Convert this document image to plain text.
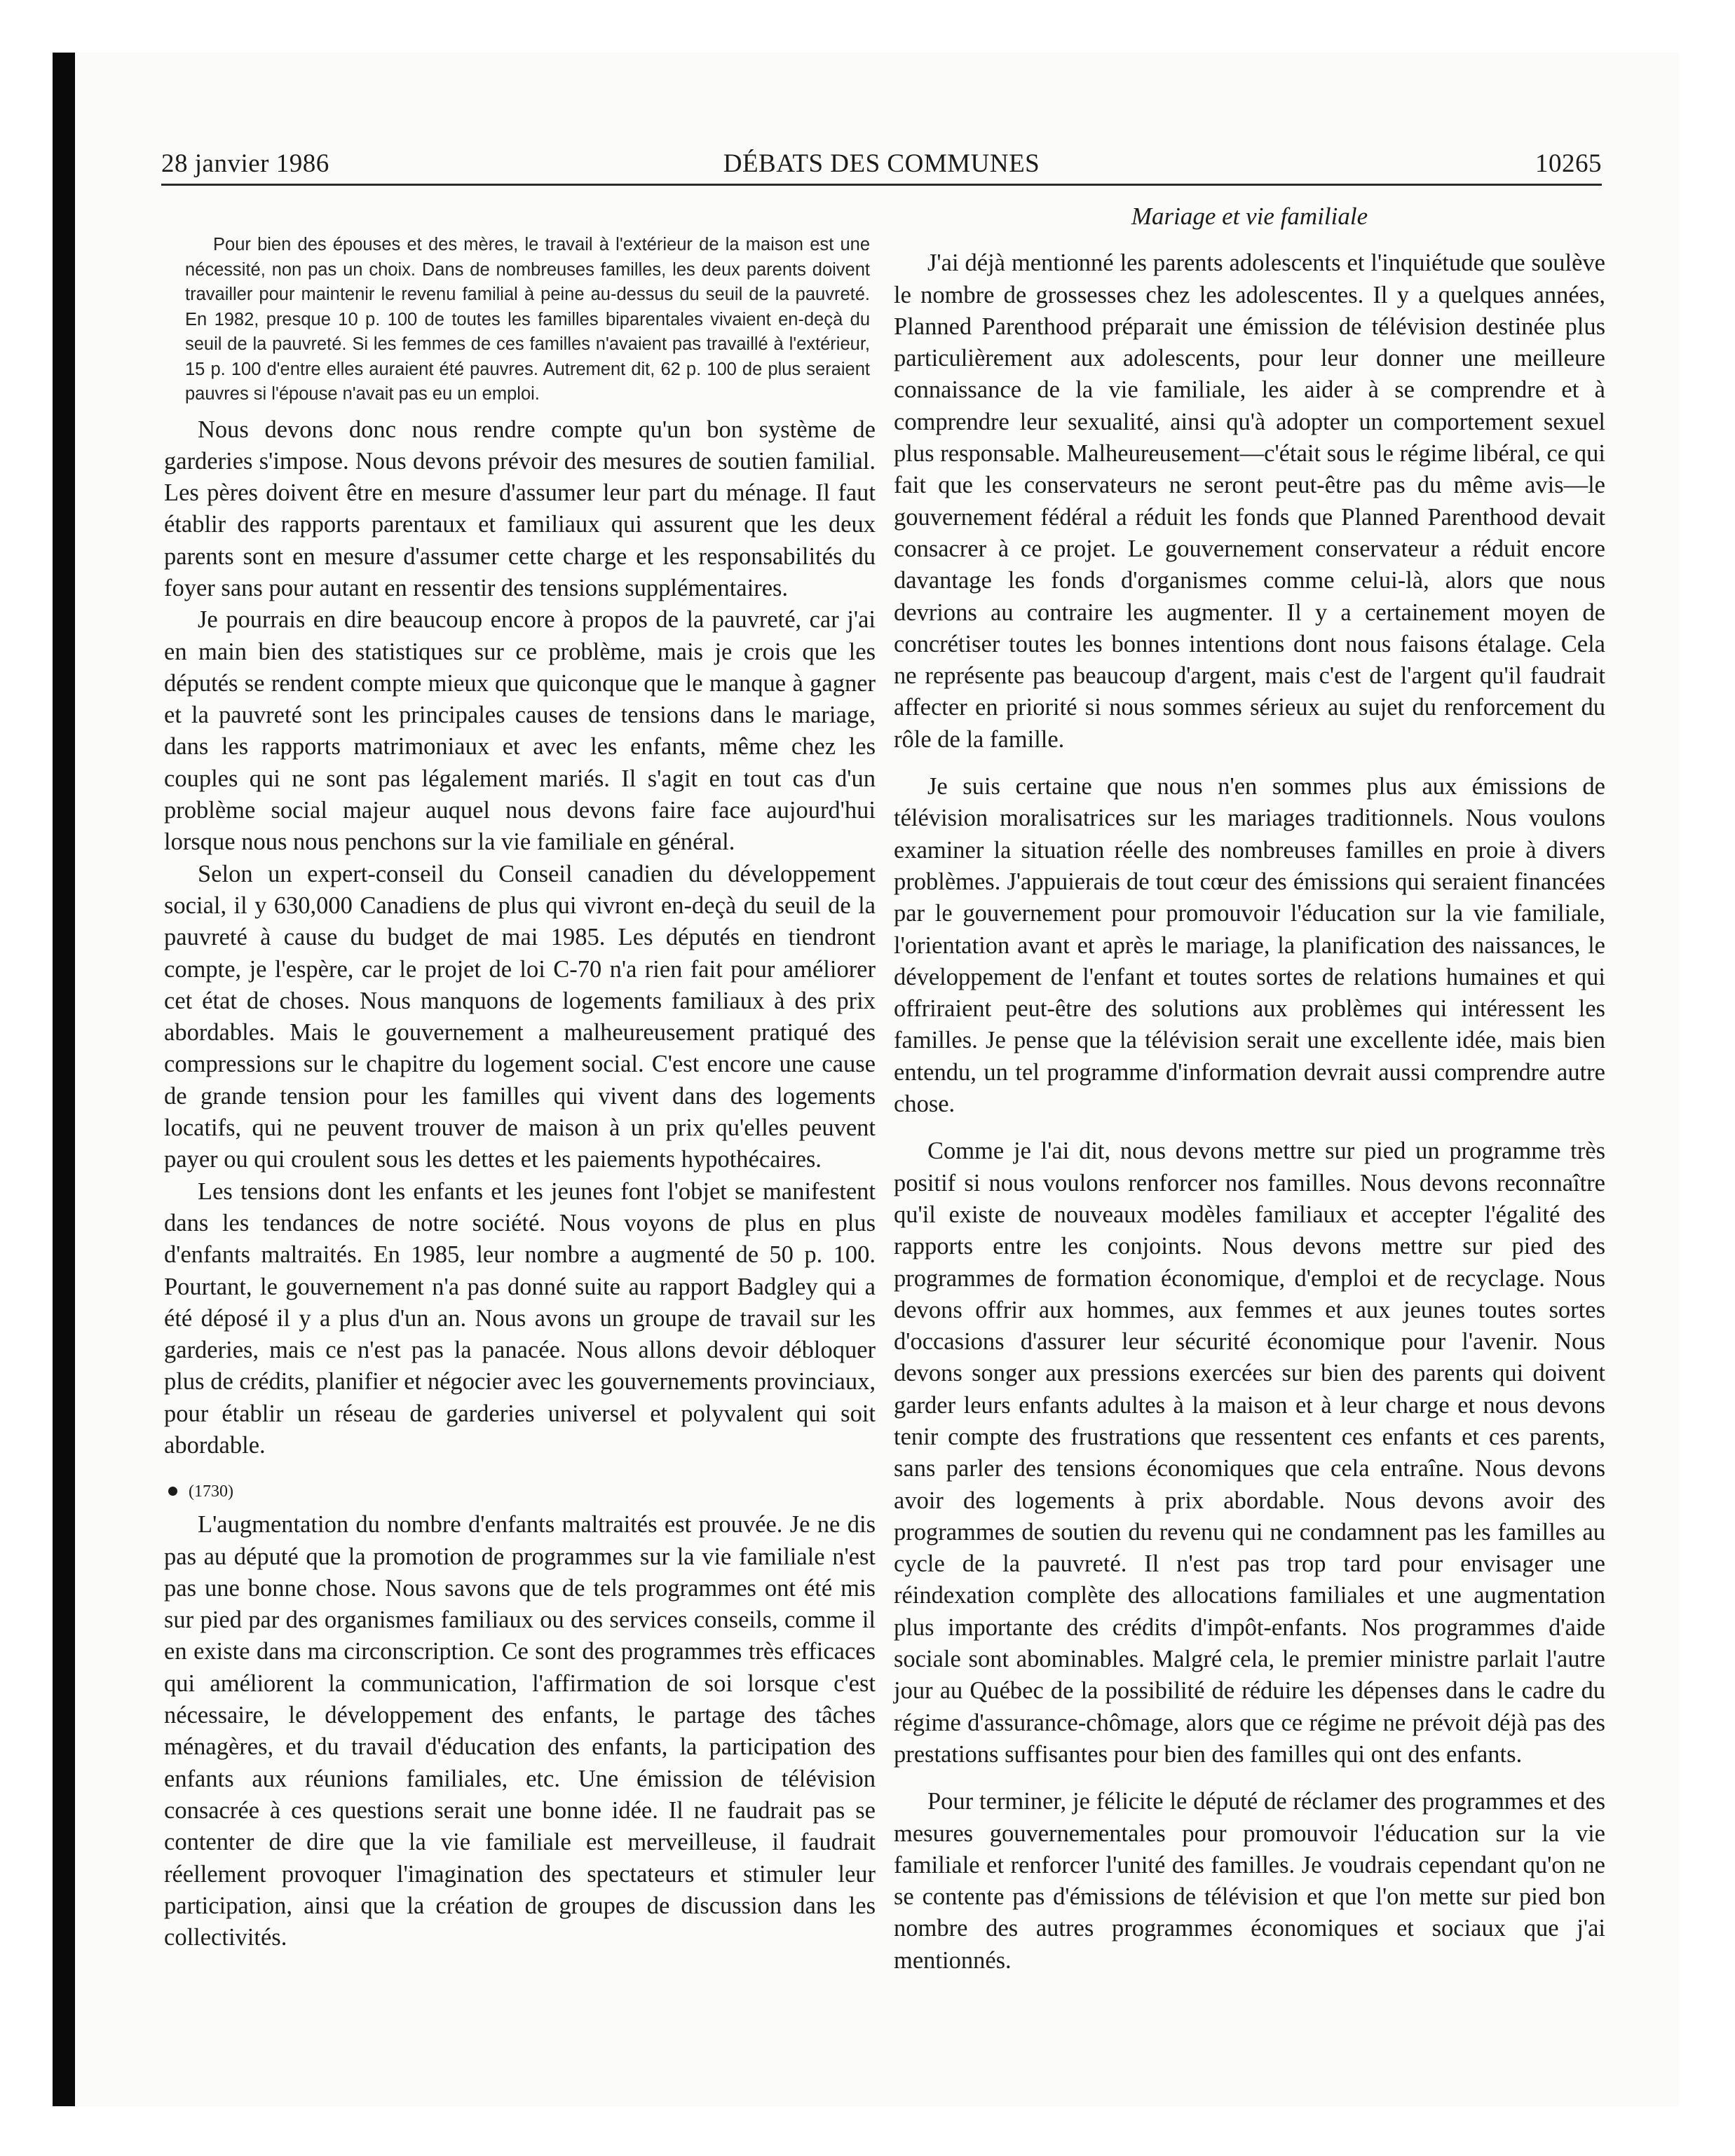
28 janvier 1986	DÉBATS DES COMMUNES	10265
Pour bien des épouses et des mères, le travail à l'extérieur de la maison est une nécessité, non pas un choix. Dans de nombreuses familles, les deux parents doivent travailler pour maintenir le revenu familial à peine au-dessus du seuil de la pauvreté. En 1982, presque 10 p. 100 de toutes les familles biparentales vivaient en-deçà du seuil de la pauvreté. Si les femmes de ces familles n'avaient pas travaillé à l'extérieur, 15 p. 100 d'entre elles auraient été pauvres. Autrement dit, 62 p. 100 de plus seraient pauvres si l'épouse n'avait pas eu un emploi.

Nous devons donc nous rendre compte qu'un bon système de garderies s'impose. Nous devons prévoir des mesures de soutien familial. Les pères doivent être en mesure d'assumer leur part du ménage. Il faut établir des rapports parentaux et familiaux qui assurent que les deux parents sont en mesure d'assumer cette charge et les responsabilités du foyer sans pour autant en ressentir des tensions supplémentaires.

Je pourrais en dire beaucoup encore à propos de la pauvreté, car j'ai en main bien des statistiques sur ce problème, mais je crois que les députés se rendent compte mieux que quiconque que le manque à gagner et la pauvreté sont les principales causes de tensions dans le mariage, dans les rapports matrimoniaux et avec les enfants, même chez les couples qui ne sont pas légalement mariés. Il s'agit en tout cas d'un problème social majeur auquel nous devons faire face aujourd'hui lorsque nous nous penchons sur la vie familiale en général.

Selon un expert-conseil du Conseil canadien du développement social, il y 630,000 Canadiens de plus qui vivront en-deçà du seuil de la pauvreté à cause du budget de mai 1985. Les députés en tiendront compte, je l'espère, car le projet de loi C-70 n'a rien fait pour améliorer cet état de choses. Nous manquons de logements familiaux à des prix abordables. Mais le gouvernement a malheureusement pratiqué des compressions sur le chapitre du logement social. C'est encore une cause de grande tension pour les familles qui vivent dans des logements locatifs, qui ne peuvent trouver de maison à un prix qu'elles peuvent payer ou qui croulent sous les dettes et les paiements hypothécaires.

Les tensions dont les enfants et les jeunes font l'objet se manifestent dans les tendances de notre société. Nous voyons de plus en plus d'enfants maltraités. En 1985, leur nombre a augmenté de 50 p. 100. Pourtant, le gouvernement n'a pas donné suite au rapport Badgley qui a été déposé il y a plus d'un an. Nous avons un groupe de travail sur les garderies, mais ce n'est pas la panacée. Nous allons devoir débloquer plus de crédits, planifier et négocier avec les gouvernements provinciaux, pour établir un réseau de garderies universel et polyvalent qui soit abordable.

(1730)

L'augmentation du nombre d'enfants maltraités est prouvée. Je ne dis pas au député que la promotion de programmes sur la vie familiale n'est pas une bonne chose. Nous savons que de tels programmes ont été mis sur pied par des organismes familiaux ou des services conseils, comme il en existe dans ma circonscription. Ce sont des programmes très efficaces qui améliorent la communication, l'affirmation de soi lorsque c'est nécessaire, le développement des enfants, le partage des tâches ménagères, et du travail d'éducation des enfants, la participation des enfants aux réunions familiales, etc. Une émission de télévision consacrée à ces questions serait une bonne idée. Il ne faudrait pas se contenter de dire que la vie familiale est merveilleuse, il faudrait réellement provoquer l'imagination des spectateurs et stimuler leur participation, ainsi que la création de groupes de discussion dans les collectivités.

Mariage et vie familiale

J'ai déjà mentionné les parents adolescents et l'inquiétude que soulève le nombre de grossesses chez les adolescentes. Il y a quelques années, Planned Parenthood préparait une émission de télévision destinée plus particulièrement aux adolescents, pour leur donner une meilleure connaissance de la vie familiale, les aider à se comprendre et à comprendre leur sexualité, ainsi qu'à adopter un comportement sexuel plus responsable. Malheureusement—c'était sous le régime libéral, ce qui fait que les conservateurs ne seront peut-être pas du même avis—le gouvernement fédéral a réduit les fonds que Planned Parenthood devait consacrer à ce projet. Le gouvernement conservateur a réduit encore davantage les fonds d'organismes comme celui-là, alors que nous devrions au contraire les augmenter. Il y a certainement moyen de concrétiser toutes les bonnes intentions dont nous faisons étalage. Cela ne représente pas beaucoup d'argent, mais c'est de l'argent qu'il faudrait affecter en priorité si nous sommes sérieux au sujet du renforcement du rôle de la famille.

Je suis certaine que nous n'en sommes plus aux émissions de télévision moralisatrices sur les mariages traditionnels. Nous voulons examiner la situation réelle des nombreuses familles en proie à divers problèmes. J'appuierais de tout cœur des émissions qui seraient financées par le gouvernement pour promouvoir l'éducation sur la vie familiale, l'orientation avant et après le mariage, la planification des naissances, le développement de l'enfant et toutes sortes de relations humaines et qui offriraient peut-être des solutions aux problèmes qui intéressent les familles. Je pense que la télévision serait une excellente idée, mais bien entendu, un tel programme d'information devrait aussi comprendre autre chose.

Comme je l'ai dit, nous devons mettre sur pied un programme très positif si nous voulons renforcer nos familles. Nous devons reconnaître qu'il existe de nouveaux modèles familiaux et accepter l'égalité des rapports entre les conjoints. Nous devons mettre sur pied des programmes de formation économique, d'emploi et de recyclage. Nous devons offrir aux hommes, aux femmes et aux jeunes toutes sortes d'occasions d'assurer leur sécurité économique pour l'avenir. Nous devons songer aux pressions exercées sur bien des parents qui doivent garder leurs enfants adultes à la maison et à leur charge et nous devons tenir compte des frustrations que ressentent ces enfants et ces parents, sans parler des tensions économiques que cela entraîne. Nous devons avoir des logements à prix abordable. Nous devons avoir des programmes de soutien du revenu qui ne condamnent pas les familles au cycle de la pauvreté. Il n'est pas trop tard pour envisager une réindexation complète des allocations familiales et une augmentation plus importante des crédits d'impôt-enfants. Nos programmes d'aide sociale sont abominables. Malgré cela, le premier ministre parlait l'autre jour au Québec de la possibilité de réduire les dépenses dans le cadre du régime d'assurance-chômage, alors que ce régime ne prévoit déjà pas des prestations suffisantes pour bien des familles qui ont des enfants.

Pour terminer, je félicite le député de réclamer des programmes et des mesures gouvernementales pour promouvoir l'éducation sur la vie familiale et renforcer l'unité des familles. Je voudrais cependant qu'on ne se contente pas d'émissions de télévision et que l'on mette sur pied bon nombre des autres programmes économiques et sociaux que j'ai mentionnés.
